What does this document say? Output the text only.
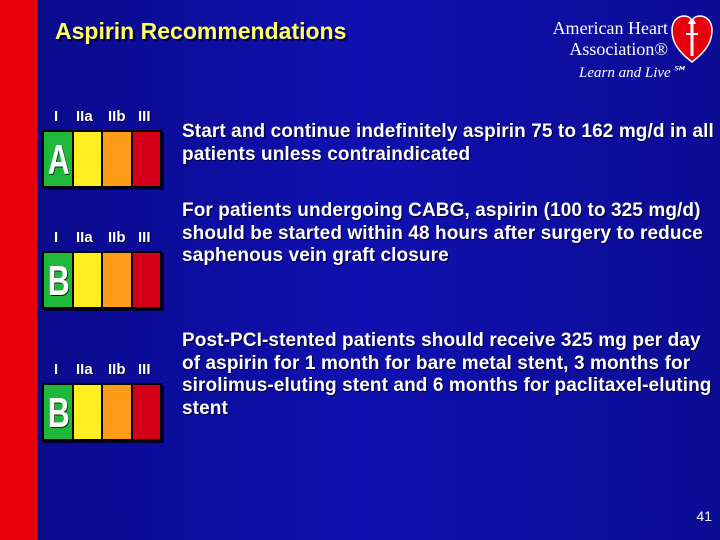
Aspirin Recommendations	American Heart
Association®
Learn and Live℠
I IIa IIb III
A
Start and continue indefinitely aspirin 75 to 162 mg/d in all patients unless contraindicated
I IIa IIb III
B
For patients undergoing CABG, aspirin (100 to 325 mg/d) should be started within 48 hours after surgery to reduce saphenous vein graft closure
I IIa IIb III
B
Post-PCI-stented patients should receive 325 mg per day of aspirin for 1 month for bare metal stent, 3 months for sirolimus-eluting stent and 6 months for paclitaxel-eluting stent
41
